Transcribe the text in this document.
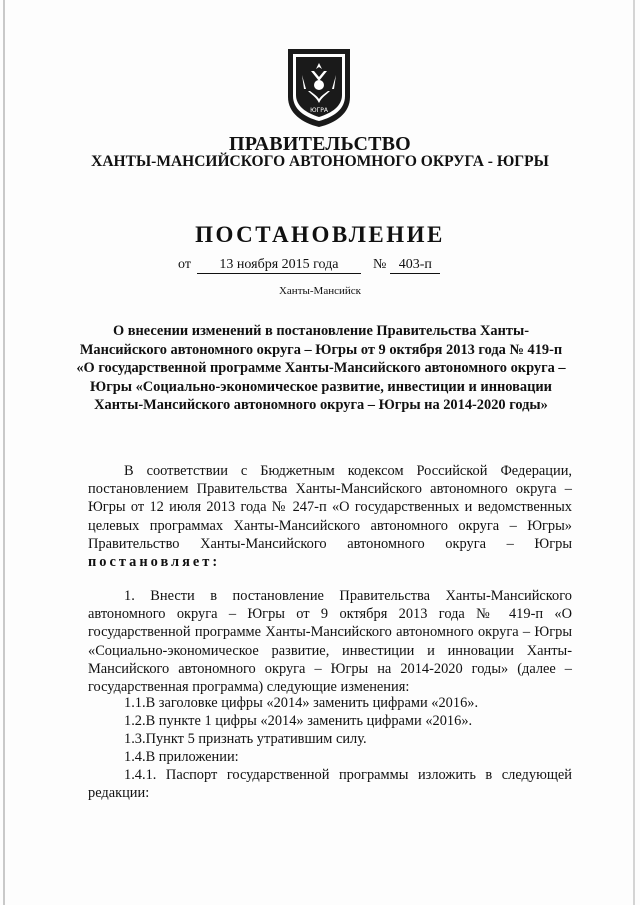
ЮГРА
ПРАВИТЕЛЬСТВО
ХАНТЫ-МАНСИЙСКОГО АВТОНОМНОГО ОКРУГА - ЮГРЫ
ПОСТАНОВЛЕНИЕ
от 13 ноября 2015 года № 403-п
Ханты-Мансийск
О внесении изменений в постановление Правительства Ханты-Мансийского автономного округа – Югры от 9 октября 2013 года № 419-п «О государственной программе Ханты-Мансийского автономного округа – Югры «Социально-экономическое развитие, инвестиции и инновации Ханты-Мансийского автономного округа – Югры на 2014-2020 годы»
В соответствии с Бюджетным кодексом Российской Федерации, постановлением Правительства Ханты-Мансийского автономного округа – Югры от 12 июля 2013 года № 247-п «О государственных и ведомственных целевых программах Ханты-Мансийского автономного округа – Югры» Правительство Ханты-Мансийского автономного округа – Югры постановляет:
1. Внести в постановление Правительства Ханты-Мансийского автономного округа – Югры от 9 октября 2013 года № 419-п «О государственной программе Ханты-Мансийского автономного округа – Югры «Социально-экономическое развитие, инвестиции и инновации Ханты-Мансийского автономного округа – Югры на 2014-2020 годы» (далее – государственная программа) следующие изменения:
1.1.В заголовке цифры «2014» заменить цифрами «2016».
1.2.В пункте 1 цифры «2014» заменить цифрами «2016».
1.3.Пункт 5 признать утратившим силу.
1.4.В приложении:
1.4.1. Паспорт государственной программы изложить в следующей редакции:
